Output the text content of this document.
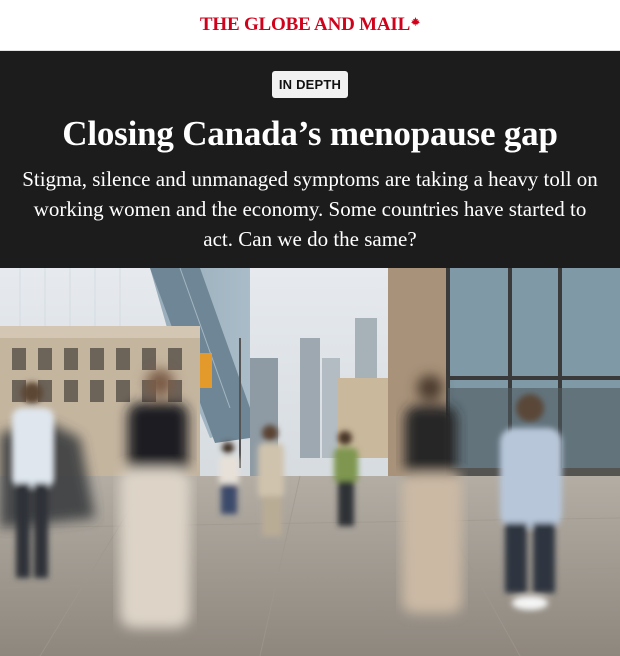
THE GLOBE AND MAIL
IN DEPTH
Closing Canada’s menopause gap

Stigma, silence and unmanaged symptoms are taking a heavy toll on working women and the economy. Some countries have started to act. Can we do the same?
